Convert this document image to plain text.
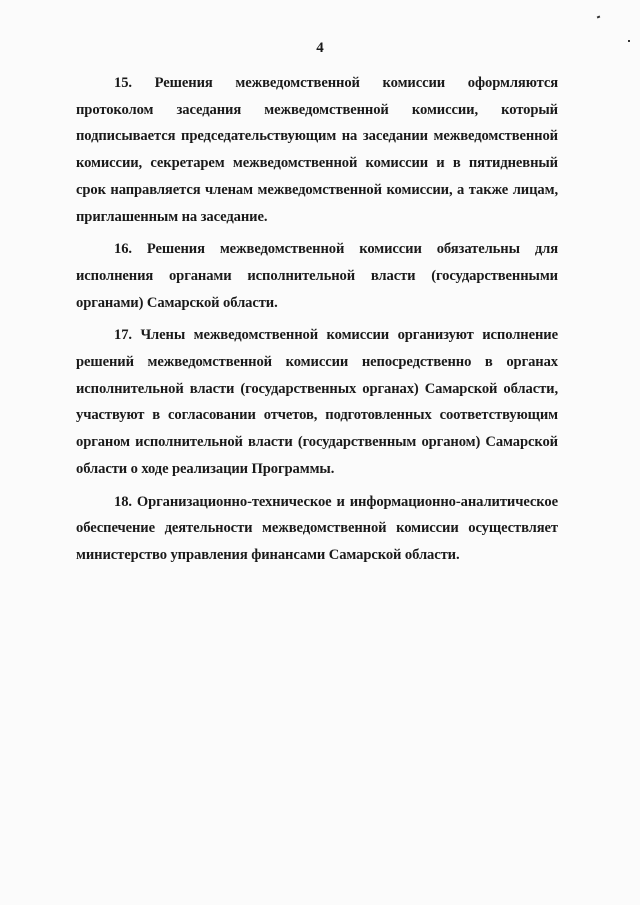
4

15. Решения межведомственной комиссии оформляются протоколом заседания межведомственной комиссии, который подписывается председательствующим на заседании межведомственной комиссии, секретарем межведомственной комиссии и в пятидневный срок направляется членам межведомственной комиссии, а также лицам, приглашенным на заседание.

16. Решения межведомственной комиссии обязательны для исполнения органами исполнительной власти (государственными органами) Самарской области.

17. Члены межведомственной комиссии организуют исполнение решений межведомственной комиссии непосредственно в органах исполнительной власти (государственных органах) Самарской области, участвуют в согласовании отчетов, подготовленных соответствующим органом исполнительной власти (государственным органом) Самарской области о ходе реализации Программы.

18. Организационно-техническое и информационно-аналитическое обеспечение деятельности межведомственной комиссии осуществляет министерство управления финансами Самарской области.
